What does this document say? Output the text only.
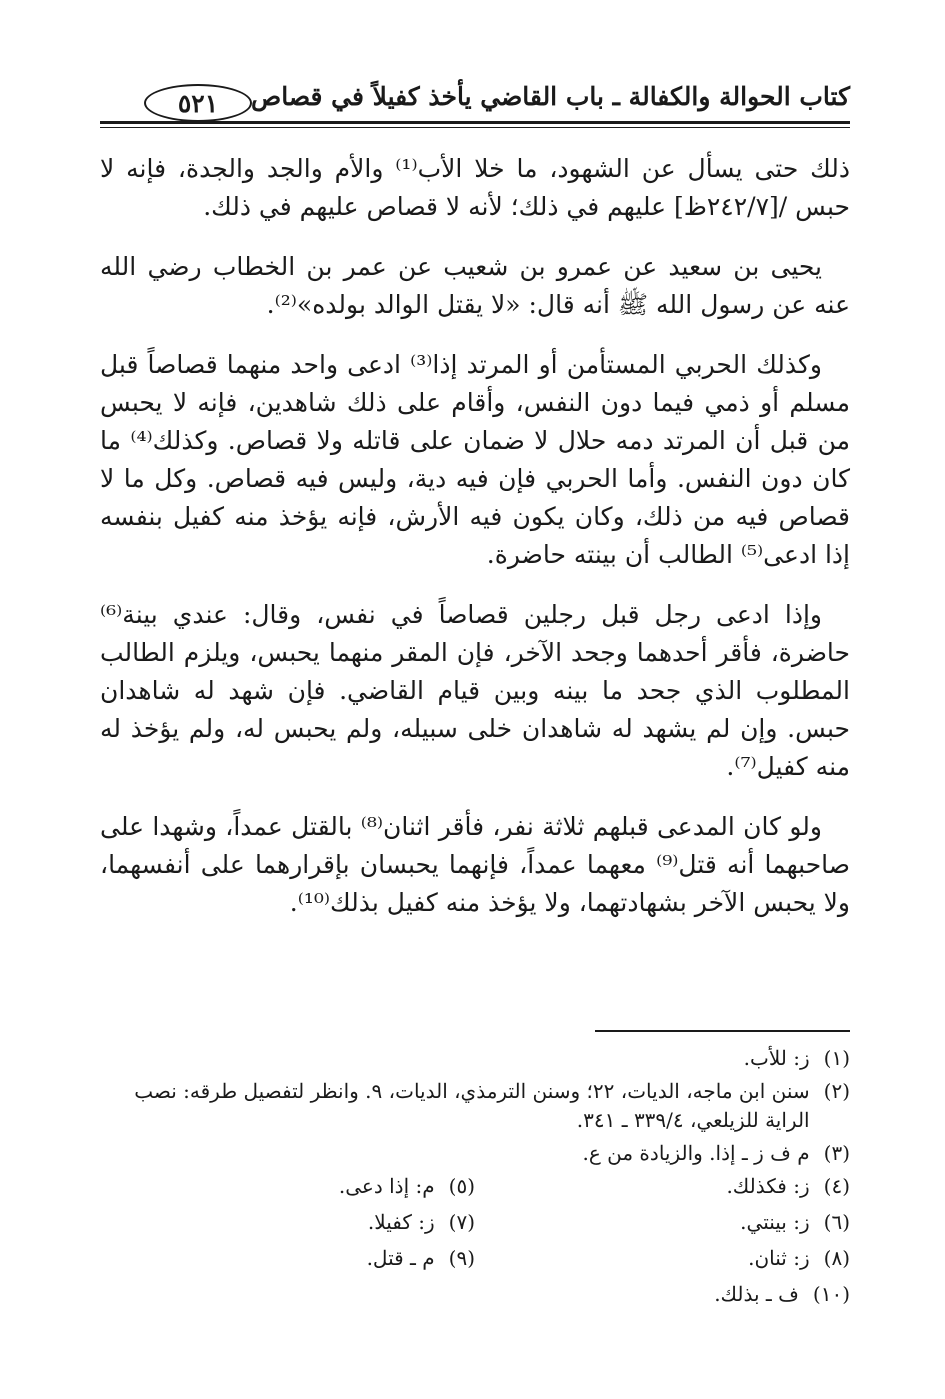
كتاب الحوالة والكفالة ـ باب القاضي يأخذ كفيلاً في قصاص
٥٢١

ذلك حتى يسأل عن الشهود، ما خلا الأب⁽¹⁾ والأم والجد والجدة، فإنه لا حبس /[٢٤٢/٧ظ] عليهم في ذلك؛ لأنه لا قصاص عليهم في ذلك.

يحيى بن سعيد عن عمرو بن شعيب عن عمر بن الخطاب رضي الله عنه عن رسول الله ﷺ أنه قال: «لا يقتل الوالد بولده»⁽²⁾.

وكذلك الحربي المستأمن أو المرتد إذا⁽³⁾ ادعى واحد منهما قصاصاً قبل مسلم أو ذمي فيما دون النفس، وأقام على ذلك شاهدين، فإنه لا يحبس من قبل أن المرتد دمه حلال لا ضمان على قاتله ولا قصاص. وكذلك⁽⁴⁾ ما كان دون النفس. وأما الحربي فإن فيه دية، وليس فيه قصاص. وكل ما لا قصاص فيه من ذلك، وكان يكون فيه الأرش، فإنه يؤخذ منه كفيل بنفسه إذا ادعى⁽⁵⁾ الطالب أن بينته حاضرة.

وإذا ادعى رجل قبل رجلين قصاصاً في نفس، وقال: عندي بينة⁽⁶⁾ حاضرة، فأقر أحدهما وجحد الآخر، فإن المقر منهما يحبس، ويلزم الطالب المطلوب الذي جحد ما بينه وبين قيام القاضي. فإن شهد له شاهدان حبس. وإن لم يشهد له شاهدان خلى سبيله، ولم يحبس له، ولم يؤخذ له منه كفيل⁽⁷⁾.

ولو كان المدعى قبلهم ثلاثة نفر، فأقر اثنان⁽⁸⁾ بالقتل عمداً، وشهدا على صاحبهما أنه قتل⁽⁹⁾ معهما عمداً، فإنهما يحبسان بإقرارهما على أنفسهما، ولا يحبس الآخر بشهادتهما، ولا يؤخذ منه كفيل بذلك⁽¹⁰⁾.

(١)
ز: للأب.
(٢)
سنن ابن ماجه، الديات، ٢٢؛ وسنن الترمذي، الديات، ٩. وانظر لتفصيل طرقه: نصب الراية للزيلعي، ٣٣٩/٤ ـ ٣٤١.
(٣)
م ف ز ـ إذا. والزيادة من ع.
(٤)
ز: فكذلك.
(٥)
م: إذا دعى.
(٦)
ز: بينتي.
(٧)
ز: كفيلا.
(٨)
ز: ثنان.
(٩)
م ـ قتل.
(١٠)
ف ـ بذلك.
